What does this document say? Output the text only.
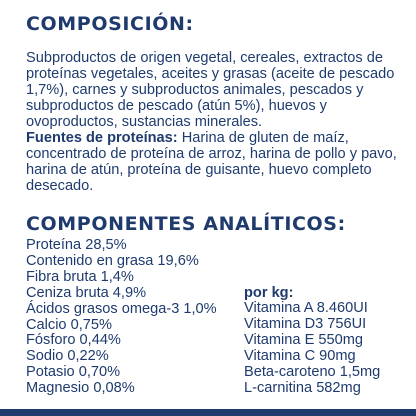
COMPOSICIÓN:

Subproductos de origen vegetal, cereales, extractos de proteínas vegetales, aceites y grasas (aceite de pescado 1,7%), carnes y subproductos animales, pescados y subproductos de pescado (atún 5%), huevos y ovoproductos, sustancias minerales.
Fuentes de proteínas: Harina de gluten de maíz, concentrado de proteína de arroz, harina de pollo y pavo, harina de atún, proteína de guisante, huevo completo desecado.

COMPONENTES ANALÍTICOS:
Proteína 28,5%
Contenido en grasa 19,6%
Fibra bruta 1,4%
Ceniza bruta 4,9%
Ácidos grasos omega-3 1,0%
Calcio 0,75%
Fósforo 0,44%
Sodio 0,22%
Potasio 0,70%
Magnesio 0,08%

por kg:

Vitamina A 8.460UI
Vitamina D3 756UI
Vitamina E 550mg
Vitamina C 90mg
Beta-caroteno 1,5mg
L-carnitina 582mg
